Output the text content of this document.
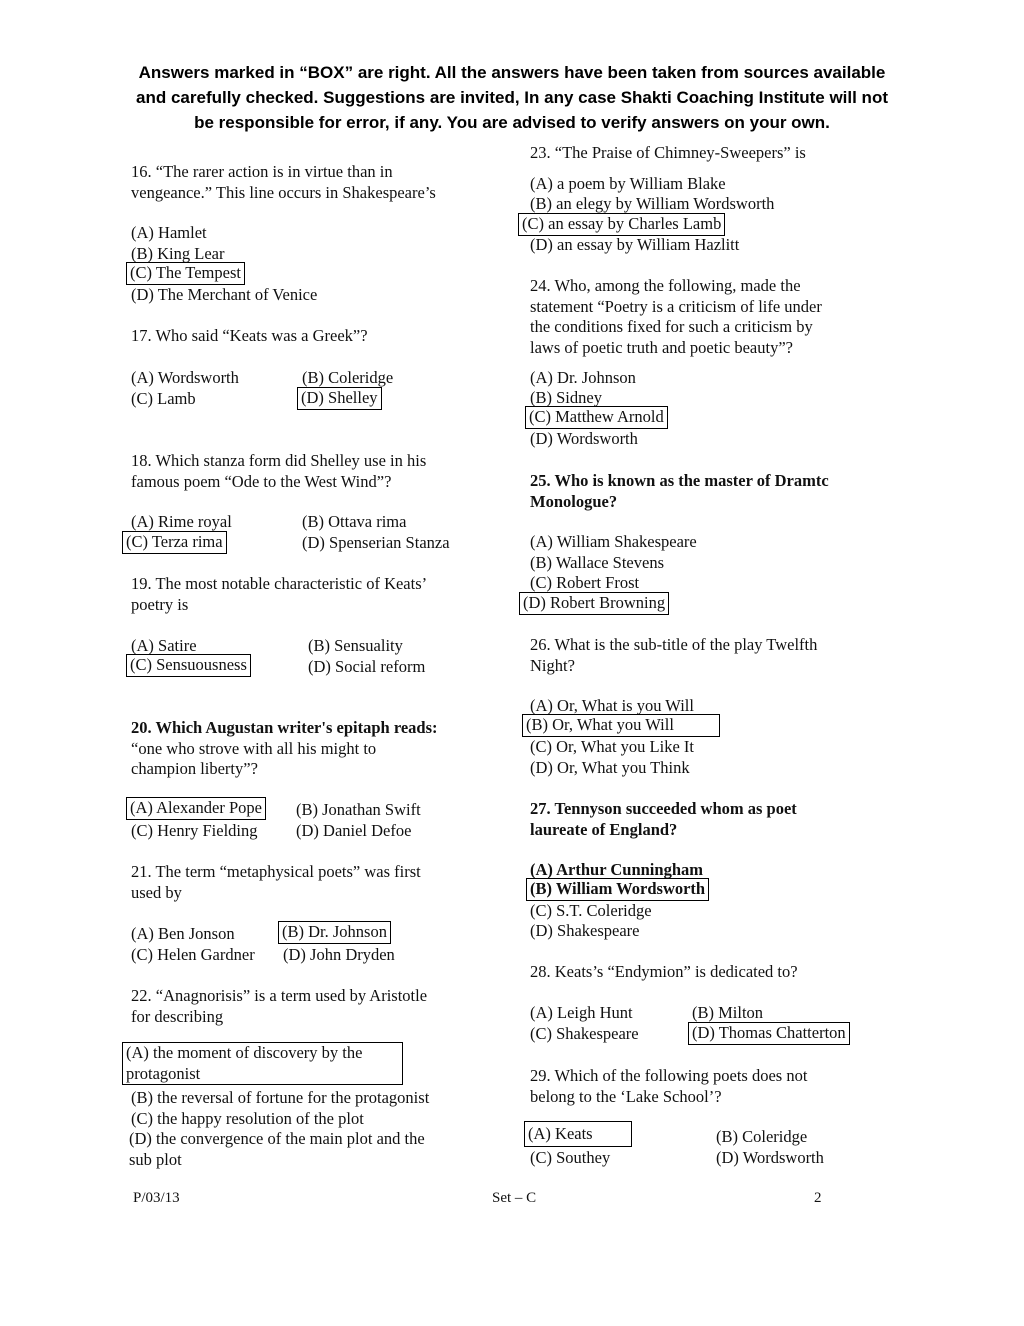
Answers marked in “BOX” are right. All the answers have been taken from sources available
and carefully checked. Suggestions are invited, In any case Shakti Coaching Institute will not
be responsible for error, if any. You are advised to verify answers on your own.
16. “The rarer action is in virtue than in
vengeance.” This line occurs in Shakespeare’s
(A) Hamlet
(B) King Lear
(C) The Tempest
(D) The Merchant of Venice
17. Who said “Keats was a Greek”?
(A) Wordsworth	(B) Coleridge
(C) Lamb	(D) Shelley
18. Which stanza form did Shelley use in his
famous poem “Ode to the West Wind”?
(A) Rime royal	(B) Ottava rima
(C) Terza rima	(D) Spenserian Stanza
19. The most notable characteristic of Keats’
poetry is
(A) Satire	(B) Sensuality
(C) Sensuousness	(D) Social reform
20. Which Augustan writer's epitaph reads:
“one who strove with all his might to
champion liberty”?
(A) Alexander Pope (B) Jonathan Swift
(C) Henry Fielding (D) Daniel Defoe
21. The term “metaphysical poets” was first
used by
(A) Ben Jonson	(B) Dr. Johnson
(C) Helen Gardner (D) John Dryden
22. “Anagnorisis” is a term used by Aristotle
for describing
(A) the moment of discovery by the
protagonist
(B) the reversal of fortune for the protagonist
(C) the happy resolution of the plot
(D) the convergence of the main plot and the
sub plot
23. “The Praise of Chimney-Sweepers” is
(A) a poem by William Blake
(B) an elegy by William Wordsworth
(C) an essay by Charles Lamb
(D) an essay by William Hazlitt
24. Who, among the following, made the
statement “Poetry is a criticism of life under
the conditions fixed for such a criticism by
laws of poetic truth and poetic beauty”?
(A) Dr. Johnson
(B) Sidney
(C) Matthew Arnold
(D) Wordsworth
25. Who is known as the master of Dramtc
Monologue?
(A) William Shakespeare
(B) Wallace Stevens
(C) Robert Frost
(D) Robert Browning
26. What is the sub-title of the play Twelfth
Night?
(A) Or, What is you Will
(B) Or, What you Will
(C) Or, What you Like It
(D) Or, What you Think
27. Tennyson succeeded whom as poet
laureate of England?
(A) Arthur Cunningham
(B) William Wordsworth
(C) S.T. Coleridge
(D) Shakespeare
28. Keats’s “Endymion” is dedicated to?
(A) Leigh Hunt	(B) Milton
(C) Shakespeare	(D) Thomas Chatterton
29. Which of the following poets does not
belong to the ‘Lake School’?
(A) Keats	(B) Coleridge
(C) Southey	(D) Wordsworth
P/03/13	Set – C	2
